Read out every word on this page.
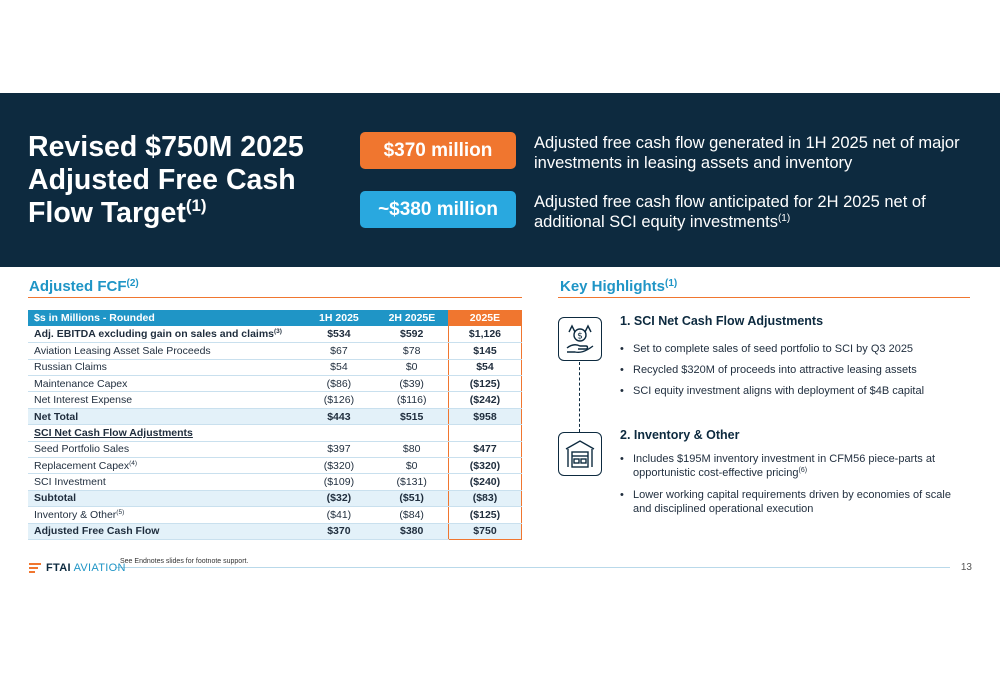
Revised $750M 2025 Adjusted Free Cash Flow Target$^{(1)}$
$370 million	Adjusted free cash flow generated in 1H 2025 net of major investments in leasing assets and inventory
~$380 million	Adjusted free cash flow anticipated for 2H 2025 net of additional SCI equity investments$^{(1)}$
Adjusted FCF$^{(2)}$	Key Highlights$^{(1)}$
$s in Millions - Rounded	1H 2025	2H 2025E	2025E
Adj. EBITDA excluding gain on sales and claims$^{(3)}$	$534	$592	$1,126
Aviation Leasing Asset Sale Proceeds	$67	$78	$145
Russian Claims	$54	$0	$54
Maintenance Capex	($86)	($39)	($125)
Net Interest Expense	($126)	($116)	($242)
Net Total	$443	$515	$958
SCI Net Cash Flow Adjustments			
Seed Portfolio Sales	$397	$80	$477
Replacement Capex$^{(4)}$	($320)	$0	($320)
SCI Investment	($109)	($131)	($240)
Subtotal	($32)	($51)	($83)
Inventory & Other$^{(5)}$	($41)	($84)	($125)
Adjusted Free Cash Flow	$370	$380	$750
$
1. SCI Net Cash Flow Adjustments
• Set to complete sales of seed portfolio to SCI by Q3 2025
• Recycled $320M of proceeds into attractive leasing assets
• SCI equity investment aligns with deployment of $4B capital
2. Inventory & Other
• Includes $195M inventory investment in CFM56 piece-parts at opportunistic cost-effective pricing$^{(6)}$
• Lower working capital requirements driven by economies of scale and disciplined operational execution
FTAI AVIATION
See Endnotes slides for footnote support.
13
